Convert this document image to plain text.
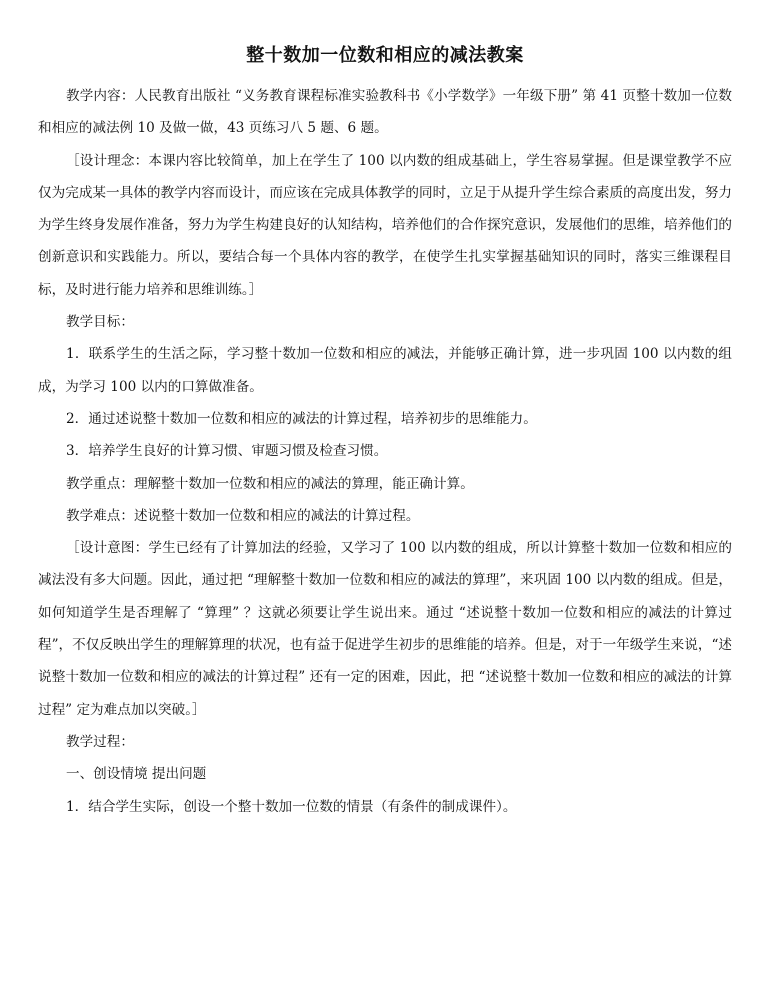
整十数加一位数和相应的减法教案

教学内容：人民教育出版社 “义务教育课程标准实验教科书《小学数学》一年级下册” 第 41 页整十数加一位数和相应的减法例 10 及做一做，43 页练习八 5 题、6 题。

［设计理念：本课内容比较简单，加上在学生了 100 以内数的组成基础上，学生容易掌握。但是课堂教学不应仅为完成某一具体的教学内容而设计，而应该在完成具体教学的同时，立足于从提升学生综合素质的高度出发，努力为学生终身发展作准备，努力为学生构建良好的认知结构，培养他们的合作探究意识，发展他们的思维，培养他们的创新意识和实践能力。所以，要结合每一个具体内容的教学，在使学生扎实掌握基础知识的同时，落实三维课程目标，及时进行能力培养和思维训练。］

教学目标：

1．联系学生的生活之际，学习整十数加一位数和相应的减法，并能够正确计算，进一步巩固 100 以内数的组成，为学习 100 以内的口算做准备。

2．通过述说整十数加一位数和相应的减法的计算过程，培养初步的思维能力。

3．培养学生良好的计算习惯、审题习惯及检查习惯。

教学重点：理解整十数加一位数和相应的减法的算理，能正确计算。

教学难点：述说整十数加一位数和相应的减法的计算过程。

［设计意图：学生已经有了计算加法的经验，又学习了 100 以内数的组成，所以计算整十数加一位数和相应的减法没有多大问题。因此，通过把 “理解整十数加一位数和相应的减法的算理”，来巩固 100 以内数的组成。但是，如何知道学生是否理解了 “算理” ？这就必须要让学生说出来。通过 “述说整十数加一位数和相应的减法的计算过程”，不仅反映出学生的理解算理的状况，也有益于促进学生初步的思维能的培养。但是，对于一年级学生来说，“述说整十数加一位数和相应的减法的计算过程” 还有一定的困难，因此，把 “述说整十数加一位数和相应的减法的计算过程” 定为难点加以突破。］

教学过程：

一、创设情境 提出问题

1．结合学生实际，创设一个整十数加一位数的情景（有条件的制成课件）。
